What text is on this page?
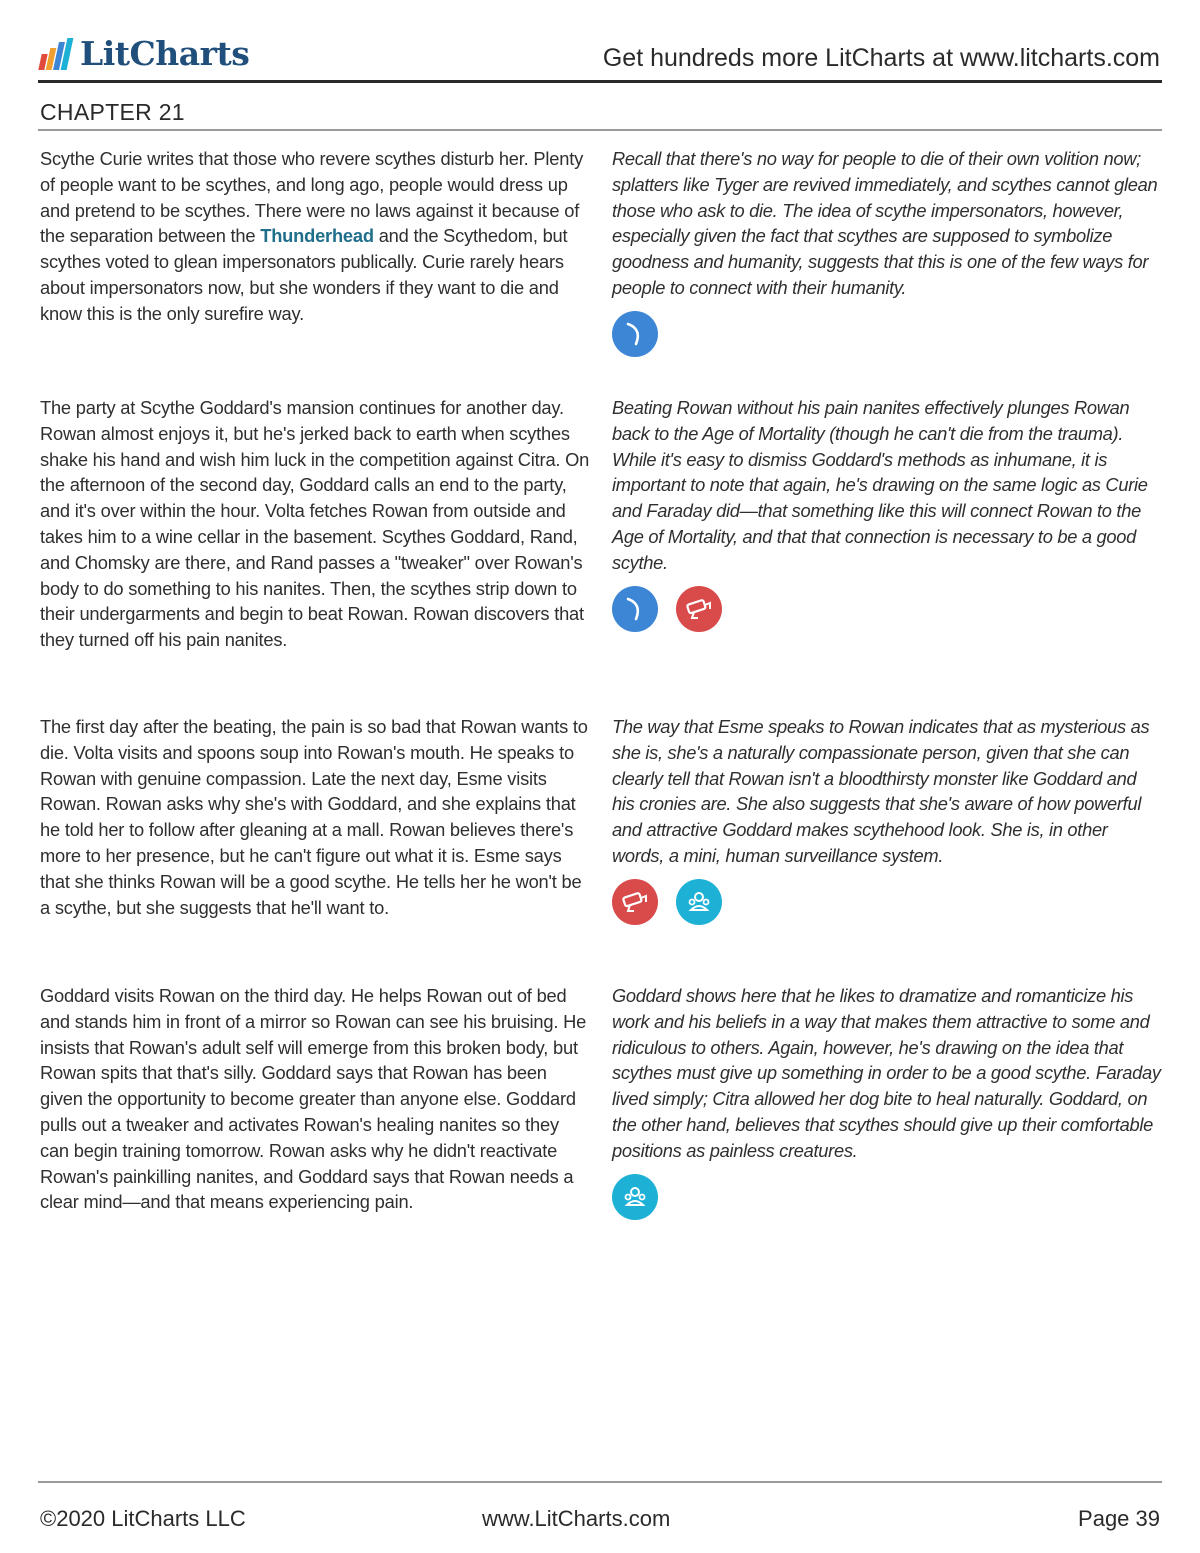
LitCharts	Get hundreds more LitCharts at www.litcharts.com
CHAPTER 21
Scythe Curie writes that those who revere scythes disturb her. Plenty of people want to be scythes, and long ago, people would dress up and pretend to be scythes. There were no laws against it because of the separation between the Thunderhead and the Scythedom, but scythes voted to glean impersonators publically. Curie rarely hears about impersonators now, but she wonders if they want to die and know this is the only surefire way.
Recall that there's no way for people to die of their own volition now; splatters like Tyger are revived immediately, and scythes cannot glean those who ask to die. The idea of scythe impersonators, however, especially given the fact that scythes are supposed to symbolize goodness and humanity, suggests that this is one of the few ways for people to connect with their humanity.
The party at Scythe Goddard's mansion continues for another day. Rowan almost enjoys it, but he's jerked back to earth when scythes shake his hand and wish him luck in the competition against Citra. On the afternoon of the second day, Goddard calls an end to the party, and it's over within the hour. Volta fetches Rowan from outside and takes him to a wine cellar in the basement. Scythes Goddard, Rand, and Chomsky are there, and Rand passes a "tweaker" over Rowan's body to do something to his nanites. Then, the scythes strip down to their undergarments and begin to beat Rowan. Rowan discovers that they turned off his pain nanites.
Beating Rowan without his pain nanites effectively plunges Rowan back to the Age of Mortality (though he can't die from the trauma). While it's easy to dismiss Goddard's methods as inhumane, it is important to note that again, he's drawing on the same logic as Curie and Faraday did—that something like this will connect Rowan to the Age of Mortality, and that that connection is necessary to be a good scythe.
The first day after the beating, the pain is so bad that Rowan wants to die. Volta visits and spoons soup into Rowan's mouth. He speaks to Rowan with genuine compassion. Late the next day, Esme visits Rowan. Rowan asks why she's with Goddard, and she explains that he told her to follow after gleaning at a mall. Rowan believes there's more to her presence, but he can't figure out what it is. Esme says that she thinks Rowan will be a good scythe. He tells her he won't be a scythe, but she suggests that he'll want to.
The way that Esme speaks to Rowan indicates that as mysterious as she is, she's a naturally compassionate person, given that she can clearly tell that Rowan isn't a bloodthirsty monster like Goddard and his cronies are. She also suggests that she's aware of how powerful and attractive Goddard makes scythehood look. She is, in other words, a mini, human surveillance system.
Goddard visits Rowan on the third day. He helps Rowan out of bed and stands him in front of a mirror so Rowan can see his bruising. He insists that Rowan's adult self will emerge from this broken body, but Rowan spits that that's silly. Goddard says that Rowan has been given the opportunity to become greater than anyone else. Goddard pulls out a tweaker and activates Rowan's healing nanites so they can begin training tomorrow. Rowan asks why he didn't reactivate Rowan's painkilling nanites, and Goddard says that Rowan needs a clear mind—and that means experiencing pain.
Goddard shows here that he likes to dramatize and romanticize his work and his beliefs in a way that makes them attractive to some and ridiculous to others. Again, however, he's drawing on the idea that scythes must give up something in order to be a good scythe. Faraday lived simply; Citra allowed her dog bite to heal naturally. Goddard, on the other hand, believes that scythes should give up their comfortable positions as painless creatures.
©2020 LitCharts LLC	www.LitCharts.com	Page 39
